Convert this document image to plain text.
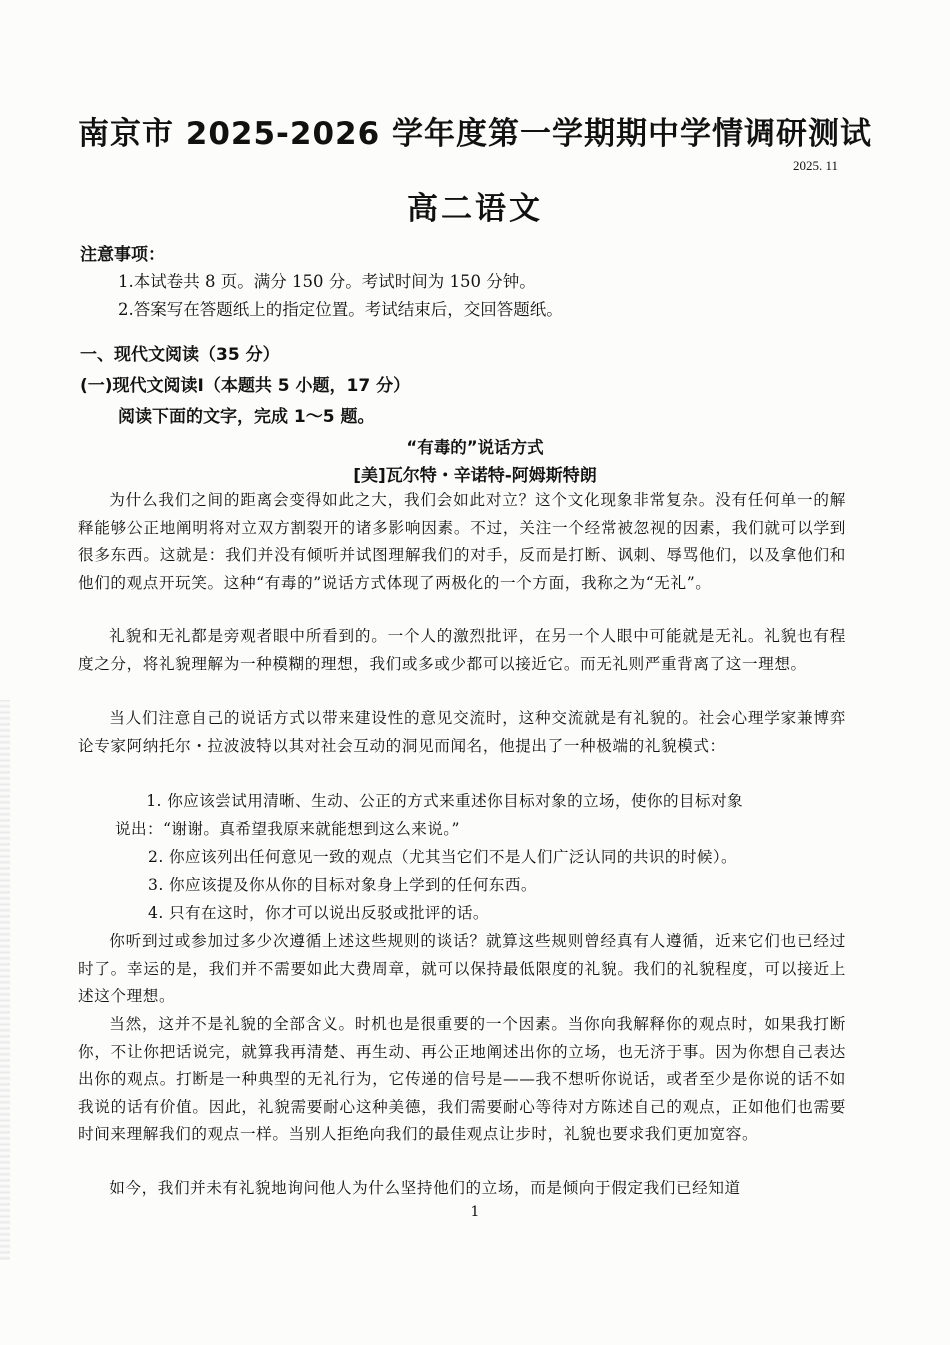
南京市 2025-2026 学年度第一学期期中学情调研测试
2025. 11
高二语文
注意事项：
1.本试卷共 8 页。满分 150 分。考试时间为 150 分钟。
2.答案写在答题纸上的指定位置。考试结束后，交回答题纸。
一、现代文阅读（35 分）
(一)现代文阅读Ⅰ（本题共 5 小题，17 分）
阅读下面的文字，完成 1～5 题。
“有毒的”说话方式
[美]瓦尔特・辛诺特-阿姆斯特朗

为什么我们之间的距离会变得如此之大，我们会如此对立？这个文化现象非常复杂。没有任何单一的解释能够公正地阐明将对立双方割裂开的诸多影响因素。不过，关注一个经常被忽视的因素，我们就可以学到很多东西。这就是：我们并没有倾听并试图理解我们的对手，反而是打断、讽刺、辱骂他们，以及拿他们和他们的观点开玩笑。这种“有毒的”说话方式体现了两极化的一个方面，我称之为“无礼”。

礼貌和无礼都是旁观者眼中所看到的。一个人的激烈批评，在另一个人眼中可能就是无礼。礼貌也有程度之分，将礼貌理解为一种模糊的理想，我们或多或少都可以接近它。而无礼则严重背离了这一理想。

当人们注意自己的说话方式以带来建设性的意见交流时，这种交流就是有礼貌的。社会心理学家兼博弈论专家阿纳托尔・拉波波特以其对社会互动的洞见而闻名，他提出了一种极端的礼貌模式：

1. 你应该尝试用清晰、生动、公正的方式来重述你目标对象的立场，使你的目标对象
说出：“谢谢。真希望我原来就能想到这么来说。”

2. 你应该列出任何意见一致的观点（尤其当它们不是人们广泛认同的共识的时候）。

3. 你应该提及你从你的目标对象身上学到的任何东西。

4. 只有在这时，你才可以说出反驳或批评的话。

你听到过或参加过多少次遵循上述这些规则的谈话？就算这些规则曾经真有人遵循，近来它们也已经过时了。幸运的是，我们并不需要如此大费周章，就可以保持最低限度的礼貌。我们的礼貌程度，可以接近上述这个理想。

当然，这并不是礼貌的全部含义。时机也是很重要的一个因素。当你向我解释你的观点时，如果我打断你，不让你把话说完，就算我再清楚、再生动、再公正地阐述出你的立场，也无济于事。因为你想自己表达出你的观点。打断是一种典型的无礼行为，它传递的信号是——我不想听你说话，或者至少是你说的话不如我说的话有价值。因此，礼貌需要耐心这种美德，我们需要耐心等待对方陈述自己的观点，正如他们也需要时间来理解我们的观点一样。当别人拒绝向我们的最佳观点让步时，礼貌也要求我们更加宽容。

如今，我们并未有礼貌地询问他人为什么坚持他们的立场，而是倾向于假定我们已经知道

1
